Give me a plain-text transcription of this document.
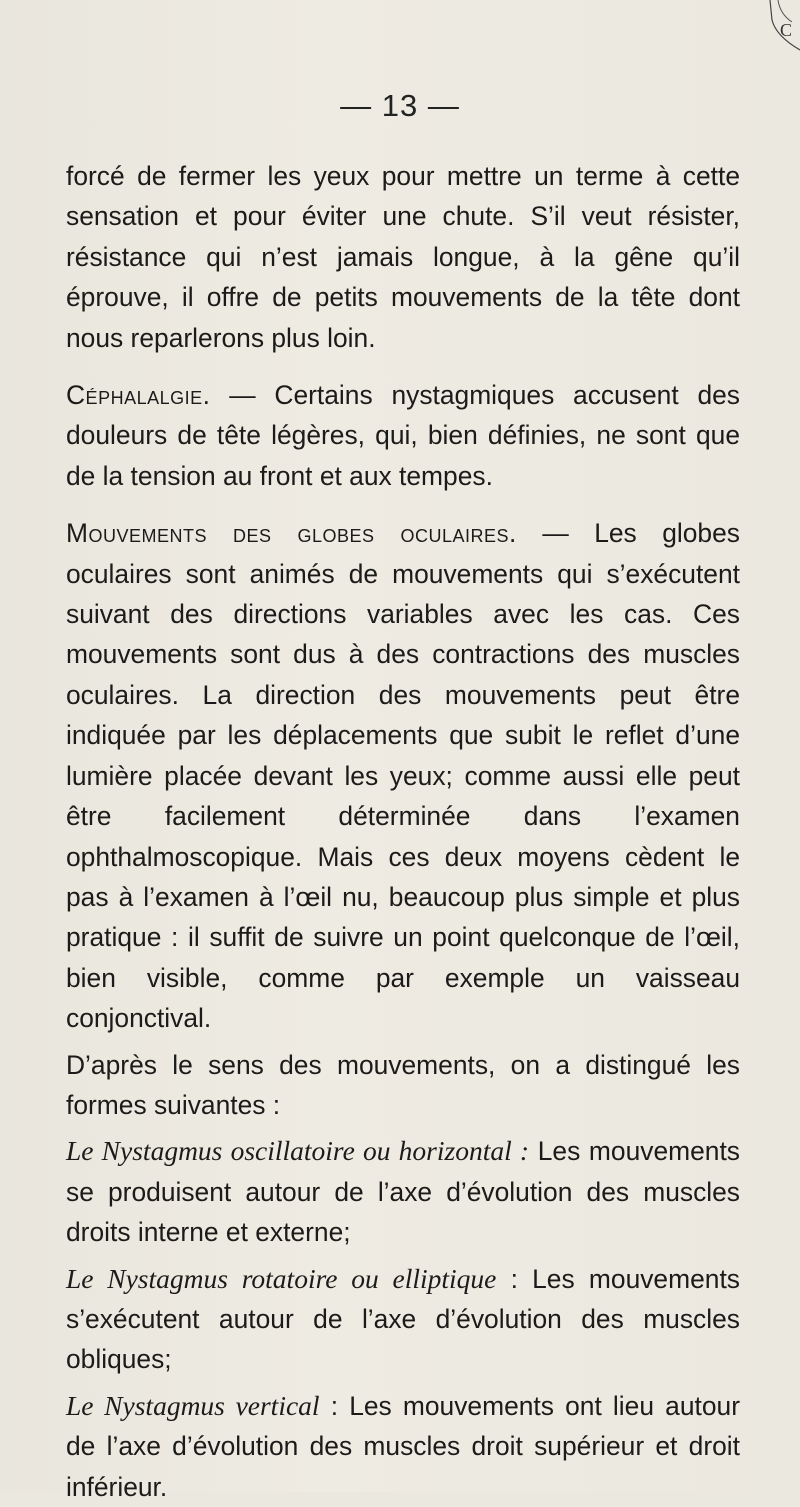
C
— 13 —

forcé de fermer les yeux pour mettre un terme à cette sensation et pour éviter une chute. S’il veut résister, résistance qui n’est jamais longue, à la gêne qu’il éprouve, il offre de petits mouvements de la tête dont nous reparlerons plus loin.

Céphalalgie. — Certains nystagmiques accusent des douleurs de tête légères, qui, bien définies, ne sont que de la tension au front et aux tempes.

Mouvements des globes oculaires. — Les globes oculaires sont animés de mouvements qui s’exécutent suivant des directions variables avec les cas. Ces mouvements sont dus à des contractions des muscles oculaires. La direction des mouvements peut être indiquée par les déplacements que subit le reflet d’une lumière placée devant les yeux; comme aussi elle peut être facilement déterminée dans l’examen ophthalmoscopique. Mais ces deux moyens cèdent le pas à l’examen à l’œil nu, beaucoup plus simple et plus pratique : il suffit de suivre un point quelconque de l’œil, bien visible, comme par exemple un vaisseau conjonctival.

D’après le sens des mouvements, on a distingué les formes suivantes :

Le Nystagmus oscillatoire ou horizontal : Les mouvements se produisent autour de l’axe d’évolution des muscles droits interne et externe;

Le Nystagmus rotatoire ou elliptique : Les mouvements s’exécutent autour de l’axe d’évolution des muscles obliques;

Le Nystagmus vertical : Les mouvements ont lieu autour de l’axe d’évolution des muscles droit supérieur et droit inférieur.
